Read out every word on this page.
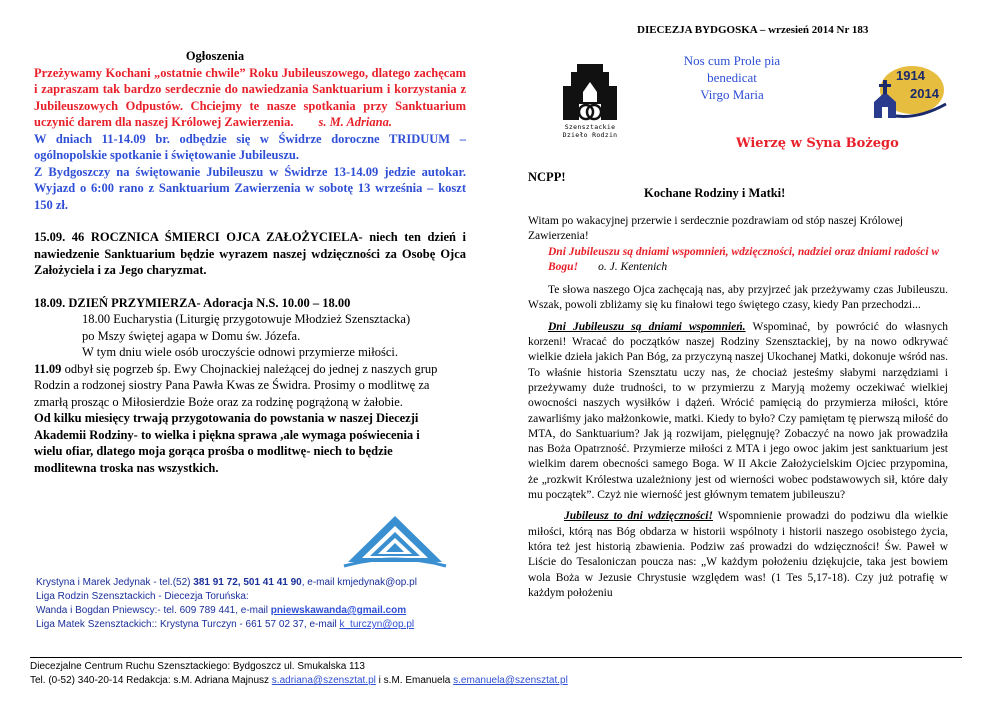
DIECEZJA BYDGOSKA – wrzesień 2014 Nr 183
Szensztackie
Dzieło Rodzin
Nos cum Prole pia
benedicat
Virgo Maria
1914
2014
Wierzę w Syna Bożego
Ogłoszenia

Przeżywamy Kochani „ostatnie chwile” Roku Jubileuszowego, dlatego zachęcam i zapraszam tak bardzo serdecznie do nawiedzania Sanktuarium i korzystania z Jubileuszowych Odpustów. Chciejmy te nasze spotkania przy Sanktuarium uczynić darem dla naszej Królowej Zawierzenia. s. M. Adriana.

W dniach 11-14.09 br. odbędzie się w Świdrze doroczne TRIDUUM – ogólnopolskie spotkanie i świętowanie Jubileuszu.

Z Bydgoszczy na świętowanie Jubileuszu w Świdrze 13-14.09 jedzie autokar. Wyjazd o 6:00 rano z Sanktuarium Zawierzenia w sobotę 13 września – koszt 150 zł.

15.09. 46 ROCZNICA ŚMIERCI OJCA ZAŁOŻYCIELA- niech ten dzień i nawiedzenie Sanktuarium będzie wyrazem naszej wdzięczności za Osobę Ojca Założyciela i za Jego charyzmat.

18.09. DZIEŃ PRZYMIERZA- Adoracja N.S. 10.00 – 18.00

18.00 Eucharystia (Liturgię przygotowuje Młodzież Szensztacka)
po Mszy świętej agapa w Domu św. Józefa.
W tym dniu wiele osób uroczyście odnowi przymierze miłości.

11.09 odbył się pogrzeb śp. Ewy Chojnackiej należącej do jednej z naszych grup Rodzin a rodzonej siostry Pana Pawła Kwas ze Świdra. Prosimy o modlitwę za zmarłą prosząc o Miłosierdzie Boże oraz za rodzinę pogrążoną w żałobie.

Od kilku miesięcy trwają przygotowania do powstania w naszej Diecezji Akademii Rodziny- to wielka i piękna sprawa ,ale wymaga poświecenia i wielu ofiar, dlatego moja gorąca prośba o modlitwę- niech to będzie modlitewna troska nas wszystkich.

Krystyna i Marek Jedynak - tel.(52) 381 91 72, 501 41 41 90, e-mail kmjedynak@op.pl
Liga Rodzin Szensztackich - Diecezja Toruńska:
Wanda i Bogdan Pniewscy:- tel. 609 789 441, e-mail pniewskawanda@gmail.com
Liga Matek Szensztackich:: Krystyna Turczyn - 661 57 02 37, e-mail k_turczyn@op.pl
NCPP!
Kochane Rodziny i Matki!

Witam po wakacyjnej przerwie i serdecznie pozdrawiam od stóp naszej Królowej Zawierzenia!

Dni Jubileuszu są dniami wspomnień, wdzięczności, nadziei oraz dniami radości w Bogu! o. J. Kentenich

Te słowa naszego Ojca zachęcają nas, aby przyjrzeć jak przeżywamy czas Jubileuszu. Wszak, powoli zbliżamy się ku finałowi tego świętego czasy, kiedy Pan przechodzi...

Dni Jubileuszu są dniami wspomnień. Wspominać, by powrócić do własnych korzeni! Wracać do początków naszej Rodziny Szensztackiej, by na nowo odkrywać wielkie dzieła jakich Pan Bóg, za przyczyną naszej Ukochanej Matki, dokonuje wśród nas. To właśnie historia Szensztatu uczy nas, że chociaż jesteśmy słabymi narzędziami i przeżywamy duże trudności, to w przymierzu z Maryją możemy oczekiwać wielkiej owocności naszych wysiłków i dążeń. Wrócić pamięcią do przymierza miłości, które zawarliśmy jako małżonkowie, matki. Kiedy to było? Czy pamiętam tę pierwszą miłość do MTA, do Sanktuarium? Jak ją rozwijam, pielęgnuję? Zobaczyć na nowo jak prowadziła nas Boża Opatrzność. Przymierze miłości z MTA i jego owoc jakim jest sanktuarium jest wielkim darem obecności samego Boga. W II Akcie Założycielskim Ojciec przypomina, że „rozkwit Królestwa uzależniony jest od wierności wobec podstawowych sił, które dały mu początek”. Czyż nie wierność jest głównym tematem jubileuszu?

Jubileusz to dni wdzięczności! Wspomnienie prowadzi do podziwu dla wielkie miłości, którą nas Bóg obdarza w historii wspólnoty i historii naszego osobistego życia, która też jest historią zbawienia. Podziw zaś prowadzi do wdzięczności! Św. Paweł w Liście do Tesaloniczan poucza nas: „W każdym położeniu dziękujcie, taka jest bowiem wola Boża w Jezusie Chrystusie względem was! (1 Tes 5,17-18). Czy już potrafię w każdym położeniu

Diecezjalne Centrum Ruchu Szensztackiego: Bydgoszcz ul. Smukalska 113
Tel. (0-52) 340-20-14 Redakcja: s.M. Adriana Majnusz s.adriana@szensztat.pl i s.M. Emanuela s.emanuela@szensztat.pl
